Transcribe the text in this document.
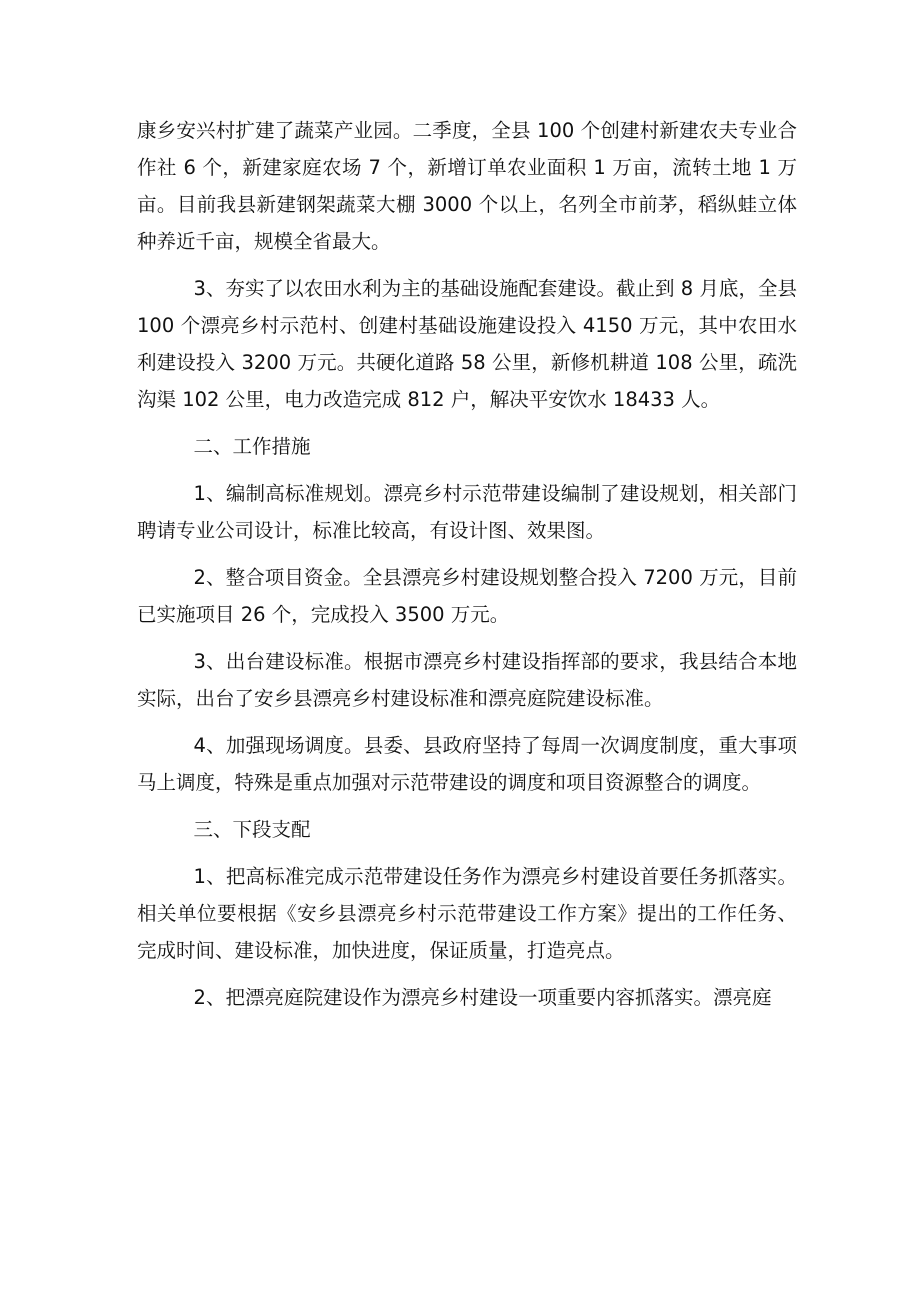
康乡安兴村扩建了蔬菜产业园。二季度，全县 100 个创建村新建农夫专业合作社 6 个，新建家庭农场 7 个，新增订单农业面积 1 万亩，流转土地 1 万亩。目前我县新建钢架蔬菜大棚 3000 个以上，名列全市前茅，稻纵蛙立体种养近千亩，规模全省最大。

3、夯实了以农田水利为主的基础设施配套建设。截止到 8 月底，全县 100 个漂亮乡村示范村、创建村基础设施建设投入 4150 万元，其中农田水利建设投入 3200 万元。共硬化道路 58 公里，新修机耕道 108 公里，疏洗沟渠 102 公里，电力改造完成 812 户，解决平安饮水 18433 人。

二、工作措施

1、编制高标准规划。漂亮乡村示范带建设编制了建设规划，相关部门聘请专业公司设计，标准比较高，有设计图、效果图。

2、整合项目资金。全县漂亮乡村建设规划整合投入 7200 万元，目前已实施项目 26 个，完成投入 3500 万元。

3、出台建设标准。根据市漂亮乡村建设指挥部的要求，我县结合本地实际，出台了安乡县漂亮乡村建设标准和漂亮庭院建设标准。

4、加强现场调度。县委、县政府坚持了每周一次调度制度，重大事项马上调度，特殊是重点加强对示范带建设的调度和项目资源整合的调度。

三、下段支配

1、把高标准完成示范带建设任务作为漂亮乡村建设首要任务抓落实。相关单位要根据《安乡县漂亮乡村示范带建设工作方案》提出的工作任务、完成时间、建设标准，加快进度，保证质量，打造亮点。

2、把漂亮庭院建设作为漂亮乡村建设一项重要内容抓落实。漂亮庭
